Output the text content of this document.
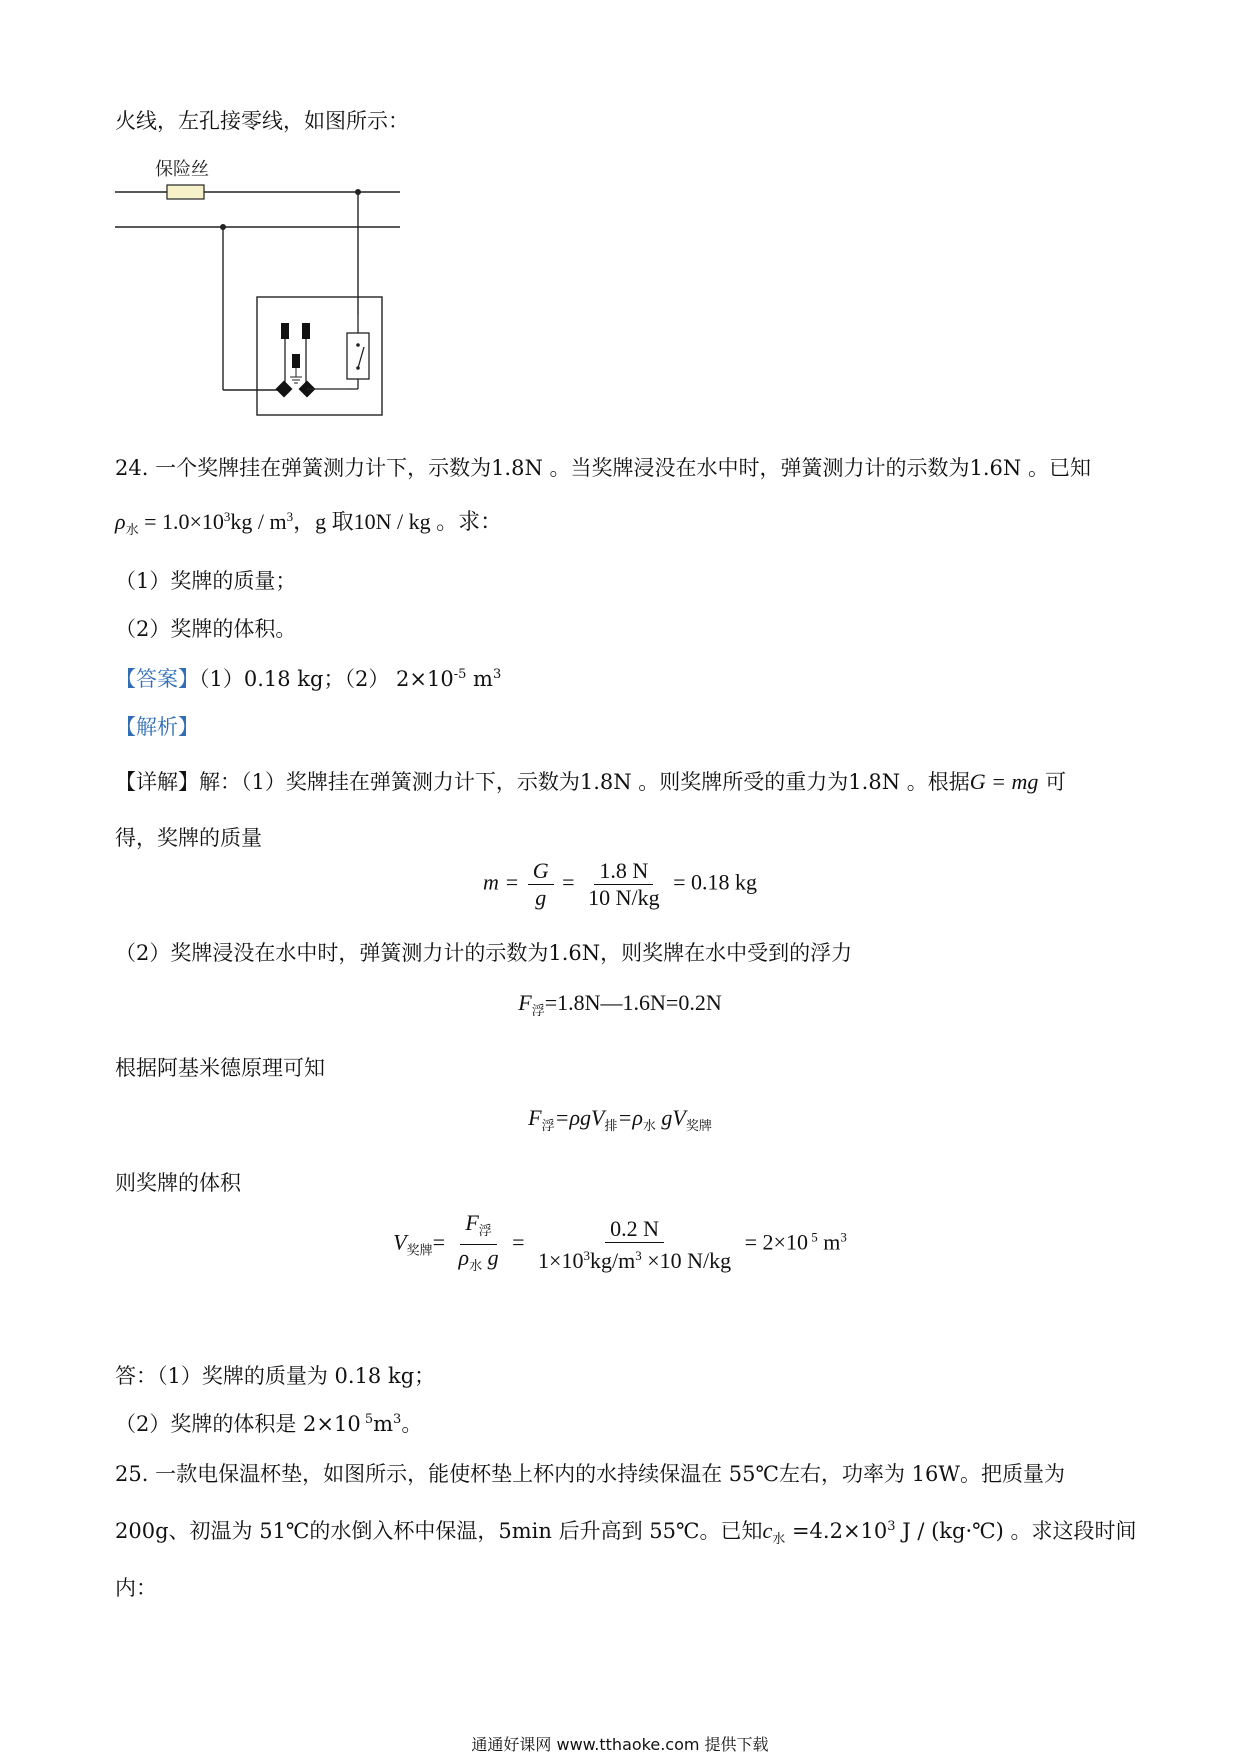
火线，左孔接零线，如图所示：
保险丝
24. 一个奖牌挂在弹簧测力计下，示数为1.8N 。当奖牌浸没在水中时，弹簧测力计的示数为1.6N 。已知
$\rho_水 = 1.0\times 10^3kg / m^3$，g 取10N / kg 。求：
（1）奖牌的质量；
（2）奖牌的体积。
【答案】（1）0.18 kg；（2） $2\times 10^{-5}$ $m^3$
【解析】
【详解】解：（1）奖牌挂在弹簧测力计下，示数为1.8N 。则奖牌所受的重力为1.8N 。根据G = mg 可
得，奖牌的质量
$m = \frac{G}{g} = \frac{1.8 N}{10 N/kg} = 0.18$ kg
（2）奖牌浸没在水中时，弹簧测力计的示数为1.6N，则奖牌在水中受到的浮力
$F_浮=1.8N—1.6N=0.2N$
根据阿基米德原理可知
$F_浮=\rho gV_排=\rho_水$ $gV_{奖牌}$
则奖牌的体积
$V_{奖牌}= \frac{F_浮}{\rho_水 g} = \frac{0.2 N}{1\times 10^3kg/m^3 \times 10 N/kg} = 2\times 10$ $^5$ $m^3$
答：（1）奖牌的质量为 0.18 kg；
（2）奖牌的体积是 2×10 $^5m^3$。
25. 一款电保温杯垫，如图所示，能使杯垫上杯内的水持续保温在 55℃左右，功率为 16W。把质量为
200g、初温为 51℃的水倒入杯中保温，5min 后升高到 55℃。已知$c_水 =4.2\times 10^3$ J / (kg·℃) 。求这段时间
内：
通通好课网 www.tthaoke.com 提供下载
